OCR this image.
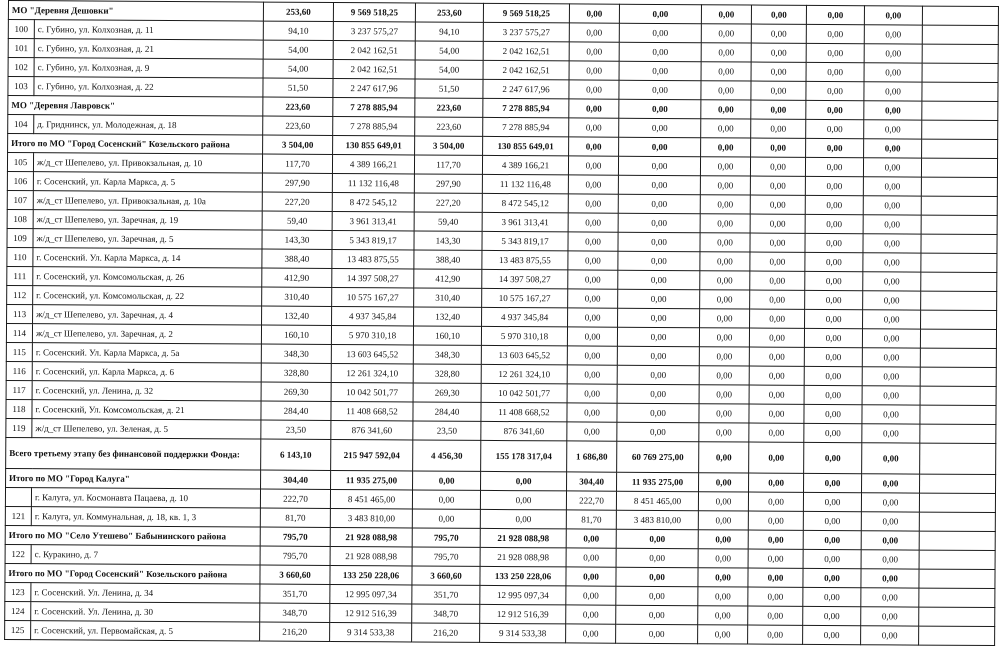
МО "Деревня Дешовки"		253,60	9 569 518,25	253,60	9 569 518,25	0,00	0,00	0,00	0,00	0,00	0,00	
100	с. Губино, ул. Колхозная, д. 11	94,10	3 237 575,27	94,10	3 237 575,27	0,00	0,00	0,00	0,00	0,00	0,00	
101	с. Губино, ул. Колхозная, д. 21	54,00	2 042 162,51	54,00	2 042 162,51	0,00	0,00	0,00	0,00	0,00	0,00	
102	с. Губино, ул. Колхозная, д. 9	54,00	2 042 162,51	54,00	2 042 162,51	0,00	0,00	0,00	0,00	0,00	0,00	
103	с. Губино, ул. Колхозная, д. 22	51,50	2 247 617,96	51,50	2 247 617,96	0,00	0,00	0,00	0,00	0,00	0,00	
МО "Деревня Лавровск"		223,60	7 278 885,94	223,60	7 278 885,94	0,00	0,00	0,00	0,00	0,00	0,00	
104	д. Гриднинск, ул. Молодежная, д. 18	223,60	7 278 885,94	223,60	7 278 885,94	0,00	0,00	0,00	0,00	0,00	0,00	
Итого по МО "Город Сосенский" Козельского района		3 504,00	130 855 649,01	3 504,00	130 855 649,01	0,00	0,00	0,00	0,00	0,00	0,00	
105	ж/д_ст Шепелево, ул. Привокзальная, д. 10	117,70	4 389 166,21	117,70	4 389 166,21	0,00	0,00	0,00	0,00	0,00	0,00	
106	г. Сосенский, ул. Карла Маркса, д. 5	297,90	11 132 116,48	297,90	11 132 116,48	0,00	0,00	0,00	0,00	0,00	0,00	
107	ж/д_ст Шепелево, ул. Привокзальная, д. 10а	227,20	8 472 545,12	227,20	8 472 545,12	0,00	0,00	0,00	0,00	0,00	0,00	
108	ж/д_ст Шепелево, ул. Заречная, д. 19	59,40	3 961 313,41	59,40	3 961 313,41	0,00	0,00	0,00	0,00	0,00	0,00	
109	ж/д_ст Шепелево, ул. Заречная, д. 5	143,30	5 343 819,17	143,30	5 343 819,17	0,00	0,00	0,00	0,00	0,00	0,00	
110	г. Сосенский. Ул. Карла Маркса, д. 14	388,40	13 483 875,55	388,40	13 483 875,55	0,00	0,00	0,00	0,00	0,00	0,00	
111	г. Сосенский, ул. Комсомольская, д. 26	412,90	14 397 508,27	412,90	14 397 508,27	0,00	0,00	0,00	0,00	0,00	0,00	
112	г. Сосенский, ул. Комсомольская, д. 22	310,40	10 575 167,27	310,40	10 575 167,27	0,00	0,00	0,00	0,00	0,00	0,00	
113	ж/д_ст Шепелево, ул. Заречная, д. 4	132,40	4 937 345,84	132,40	4 937 345,84	0,00	0,00	0,00	0,00	0,00	0,00	
114	ж/д_ст Шепелево, ул. Заречная, д. 2	160,10	5 970 310,18	160,10	5 970 310,18	0,00	0,00	0,00	0,00	0,00	0,00	
115	г. Сосенский. Ул. Карла Маркса, д. 5а	348,30	13 603 645,52	348,30	13 603 645,52	0,00	0,00	0,00	0,00	0,00	0,00	
116	г. Сосенский, ул. Карла Маркса, д. 6	328,80	12 261 324,10	328,80	12 261 324,10	0,00	0,00	0,00	0,00	0,00	0,00	
117	г. Сосенский, ул. Ленина, д. 32	269,30	10 042 501,77	269,30	10 042 501,77	0,00	0,00	0,00	0,00	0,00	0,00	
118	г. Сосенский, Ул. Комсомольская, д. 21	284,40	11 408 668,52	284,40	11 408 668,52	0,00	0,00	0,00	0,00	0,00	0,00	
119	ж/д_ст Шепелево, ул. Зеленая, д. 5	23,50	876 341,60	23,50	876 341,60	0,00	0,00	0,00	0,00	0,00	0,00	
Всего третьему этапу без финансовой поддержки Фонда:		6 143,10	215 947 592,04	4 456,30	155 178 317,04	1 686,80	60 769 275,00	0,00	0,00	0,00	0,00	
Итого по МО "Город Калуга"		304,40	11 935 275,00	0,00	0,00	304,40	11 935 275,00	0,00	0,00	0,00	0,00	
	г. Калуга, ул. Космонавта Пацаева, д. 10	222,70	8 451 465,00	0,00	0,00	222,70	8 451 465,00	0,00	0,00	0,00	0,00	
121	г. Калуга, ул. Коммунальная, д. 18, кв. 1, 3	81,70	3 483 810,00	0,00	0,00	81,70	3 483 810,00	0,00	0,00	0,00	0,00	
Итого по МО "Село Утешево" Бабынинского района		795,70	21 928 088,98	795,70	21 928 088,98	0,00	0,00	0,00	0,00	0,00	0,00	
122	с. Куракино, д. 7	795,70	21 928 088,98	795,70	21 928 088,98	0,00	0,00	0,00	0,00	0,00	0,00	
Итого по МО "Город Сосенский" Козельского района		3 660,60	133 250 228,06	3 660,60	133 250 228,06	0,00	0,00	0,00	0,00	0,00	0,00	
123	г. Сосенский. Ул. Ленина, д. 34	351,70	12 995 097,34	351,70	12 995 097,34	0,00	0,00	0,00	0,00	0,00	0,00	
124	г. Сосенский. Ул. Ленина, д. 30	348,70	12 912 516,39	348,70	12 912 516,39	0,00	0,00	0,00	0,00	0,00	0,00	
125	г. Сосенский, ул. Первомайская, д. 5	216,20	9 314 533,38	216,20	9 314 533,38	0,00	0,00	0,00	0,00	0,00	0,00	
